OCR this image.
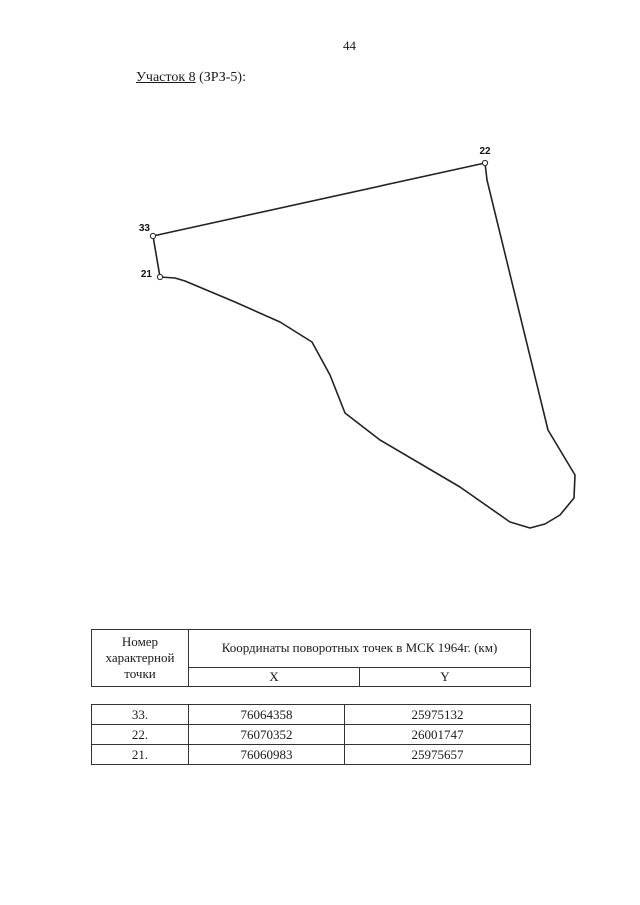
44
Участок 8 (ЗРЗ-5):
22
33
21
Номер характерной точки	Координаты поворотных точек в МСК 1964г. (км)	
	X	Y
33.	76064358	25975132
22.	76070352	26001747
21.	76060983	25975657
